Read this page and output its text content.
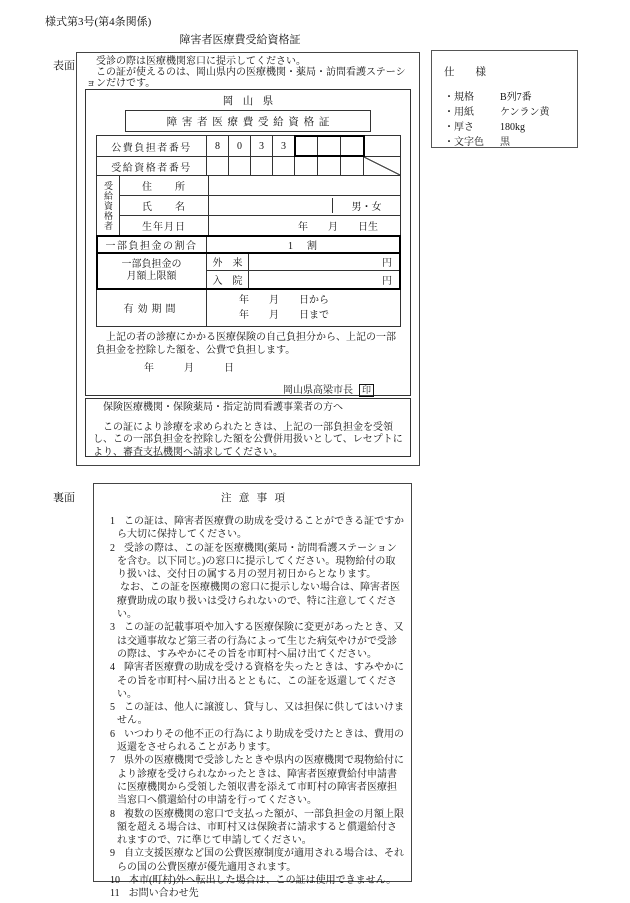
様式第3号(第4条関係)
障害者医療費受給資格証
表面	受診の際は医療機関窓口に提示してください。

この証が使えるのは、岡山県内の医療機関・薬局・訪問看護ステーションだけです。

岡山県
障害者医療費受給資格証
公費負担者番号	8	0	3	3
受給資格者番号
受給資格者	住　　所
氏　　名	男・女
生年月日	年　　月　　日生
一部負担金の割合	1　割
一部負担金の
月額上限額
外　来	円
入　院	円
有効期間
年　　月　　日から
年　　月　　日まで
上記の者の診療にかかる医療保険の自己負担分から、上記の一部負担金を控除した額を、公費で負担します。
年　　　月　　　日
岡山県高梁市長 印
保険医療機関・保険薬局・指定訪問看護事業者の方へ
この証により診療を求められたときは、上記の一部負担金を受領し、この一部負担金を控除した額を公費併用扱いとして、レセプトにより、審査支払機関へ請求してください。
仕　様
・規格	B列7番
・用紙	ケンラン黄
・厚さ	180kg
・文字色	黒
裏面	注意事項
1 この証は、障害者医療費の助成を受けることができる証ですから大切に保持してください。
2 受診の際は、この証を医療機関(薬局・訪問看護ステーションを含む。以下同じ。)の窓口に提示してください。現物給付の取り扱いは、交付日の属する月の翌月初日からとなります。
なお、この証を医療機関の窓口に提示しない場合は、障害者医療費助成の取り扱いは受けられないので、特に注意してください。
3 この証の記載事項や加入する医療保険に変更があったとき、又は交通事故など第三者の行為によって生じた病気やけがで受診の際は、すみやかにその旨を市町村へ届け出てください。
4 障害者医療費の助成を受ける資格を失ったときは、すみやかにその旨を市町村へ届け出るとともに、この証を返還してください。
5 この証は、他人に譲渡し、貸与し、又は担保に供してはいけません。
6 いつわりその他不正の行為により助成を受けたときは、費用の返還をさせられることがあります。
7 県外の医療機関で受診したときや県内の医療機関で現物給付により診療を受けられなかったときは、障害者医療費給付申請書に医療機関から受領した領収書を添えて市町村の障害者医療担当窓口へ償還給付の申請を行ってください。
8 複数の医療機関の窓口で支払った額が、一部負担金の月額上限額を超える場合は、市町村又は保険者に請求すると償還給付されますので、7に準じて申請してください。
9 自立支援医療など国の公費医療制度が適用される場合は、それらの国の公費医療が優先適用されます。
10 本市(町村)外へ転出した場合は、この証は使用できません。
11 お問い合わせ先
